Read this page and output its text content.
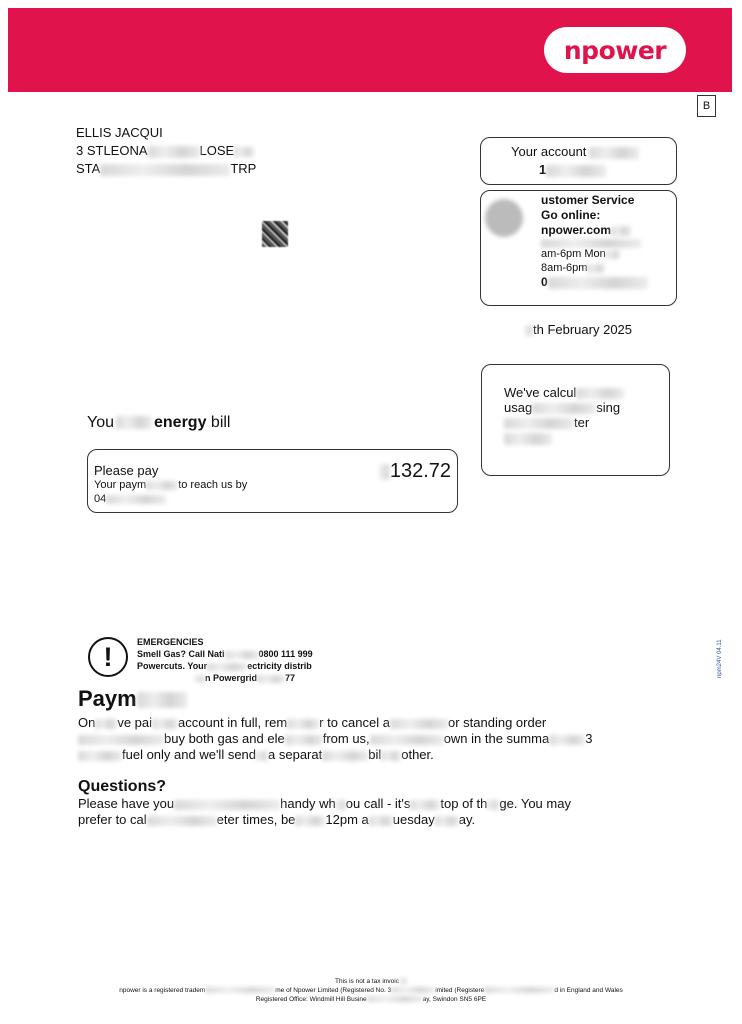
npower
B
ELLIS JACQUI
3 STLEONA	LOSE
STA	TRP
Your account
1
ustomer Service
Go online:
npower.com
am-6pm Mon
8am-6pm
0
th February 2025
We've calcul
usag	sing
ter
You	energy bill
Please pay
Your paym	to reach us by
04
132.72
!	EMERGENCIES
Smell Gas? Call Nati	0800 111 999
Powercuts. Your	ectricity distrib
n Powergrid	77
Paym
On ve pai account in full, rem r to cancel a	or standing order
buy both gas and ele	from us,	own in the summa	3
fuel only and we'll send a separat	bil other.
Questions?
Please have you	handy wh ou call - it's top of th ge. You may
prefer to cal	eter times, be 12pm a uesday ay.
npm24V 04.11
This is not a tax invoic
npower is a registered tradem	me of Npower Limited (Registered No. 3	imited (Registere	d in England and Wales
Registered Office: Windmill Hill Busine	ay, Swindon SN5 6PE
